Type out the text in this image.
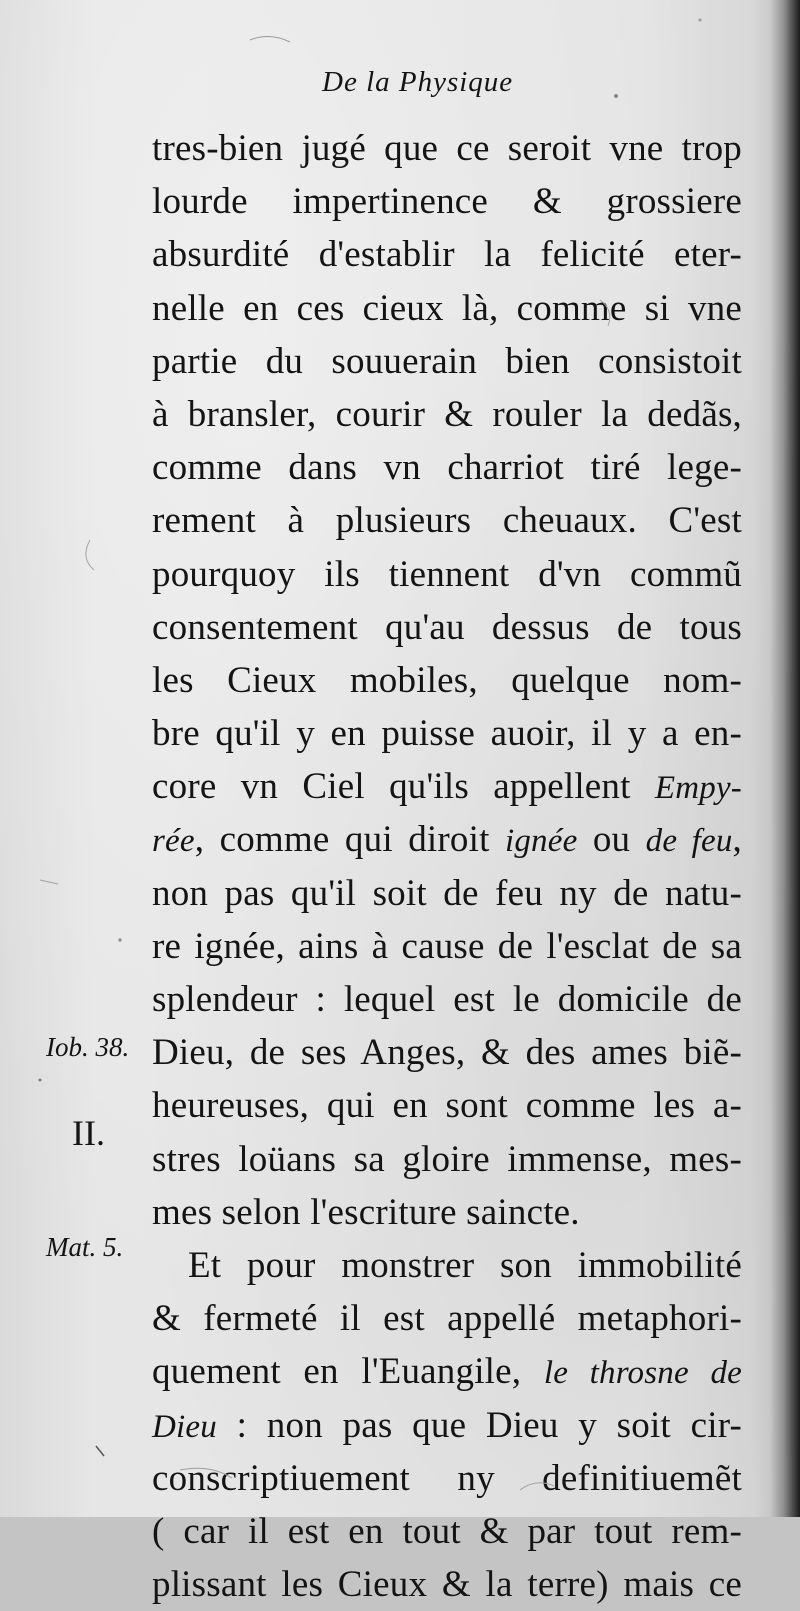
De la Physique
tres-bien jugé que ce seroit vne trop
lourde impertinence & grossiere
absurdité d'establir la felicité eter-
nelle en ces cieux là, comme si vne
partie du souuerain bien consistoit
à bransler, courir & rouler la dedãs,
comme dans vn charriot tiré lege-
rement à plusieurs cheuaux. C'est
pourquoy ils tiennent d'vn commũ
consentement qu'au dessus de tous
les Cieux mobiles, quelque nom-
bre qu'il y en puisse auoir, il y a en-
core vn Ciel qu'ils appellent Empy-
rée, comme qui diroit ignée ou de feu,
non pas qu'il soit de feu ny de natu-
re ignée, ains à cause de l'esclat de sa
splendeur : lequel est le domicile de
Dieu, de ses Anges, & des ames biẽ-
heureuses, qui en sont comme les a-
stres loüans sa gloire immense, mes-
mes selon l'escriture saincte.
Et pour monstrer son immobilité
& fermeté il est appellé metaphori-
quement en l'Euangile, le throsne de
Dieu : non pas que Dieu y soit cir-
conscriptiuement ny definitiuemẽt
( car il est en tout & par tout rem-
plissant les Cieux & la terre) mais ce
Iob. 38.
II.
Mat. 5.
